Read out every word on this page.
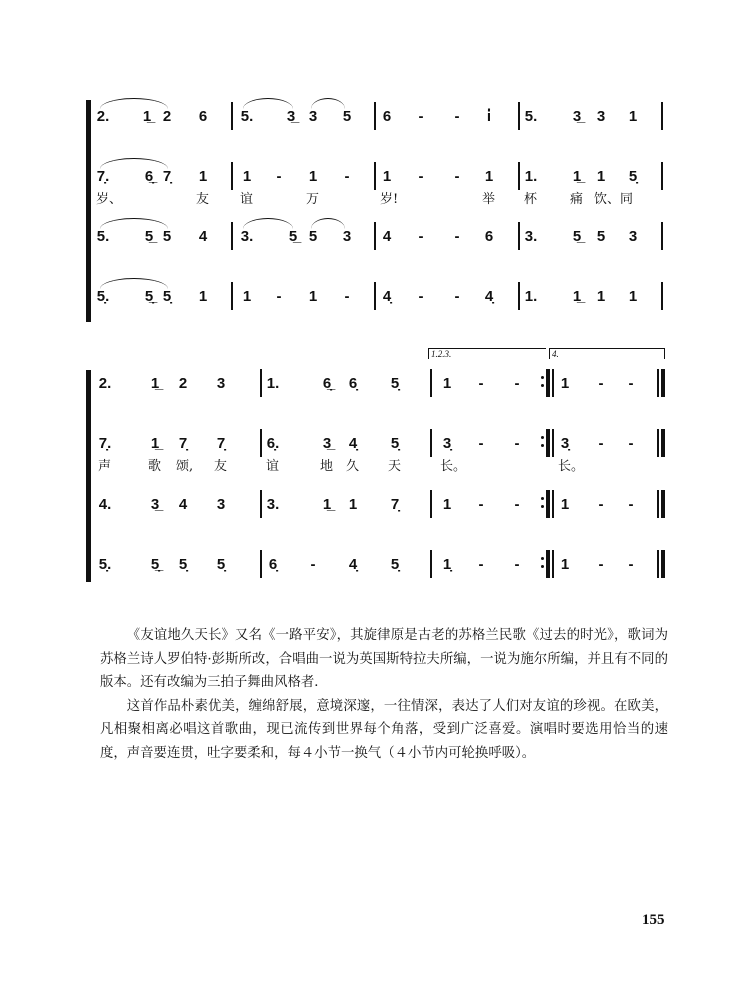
2. 1̲ 2 6 5. 3̲ 3 5 6	-	-	i̇	5. 3̲ 3 1
7̣. 6̣̲ 7̣ 1 1	-	1	-	1	-	-	1 1. 1̲ 1 5̣
岁、	友 谊	万	岁!	举 杯	痛 饮、同
5. 5̲ 5 4 3. 5̲ 5 3 4	-	-	6 3. 5̲ 5 3
5̣. 5̣̲ 5̣ 1 1	-	1	-	4̣	-	-	4̣ 1. 1̲ 1 1
1.2.3.	4.
2.	1̲ 2 3	1.	6̣̲ 6̣ 5̣	1	-	-	1	-	-
7̣.	1̲ 7̣ 7̣	6̣.	3̲ 4̣ 5̣	3̣	-	-	3̣	-	-
声	歌 颂, 友	谊	地 久 天	长。	长。
4.	3̲ 4 3	3.	1̲ 1 7̣	1	-	-	1	-	-
5̣.	5̣̲ 5̣ 5̣	6̣	-	4̣ 5̣	1̣	-	-	1	-	-

《友谊地久天长》又名《一路平安》，其旋律原是古老的苏格兰民歌《过去的时光》，歌词为苏格兰诗人罗伯特·彭斯所改，合唱曲一说为英国斯特拉夫所编，一说为施尔所编，并且有不同的版本。还有改编为三拍子舞曲风格者．

这首作品朴素优美，缠绵舒展，意境深邃，一往情深，表达了人们对友谊的珍视。在欧美，凡相聚相离必唱这首歌曲，现已流传到世界每个角落，受到广泛喜爱。演唱时要选用恰当的速度，声音要连贯，吐字要柔和，每４小节一换气（４小节内可轮换呼吸）。

155
